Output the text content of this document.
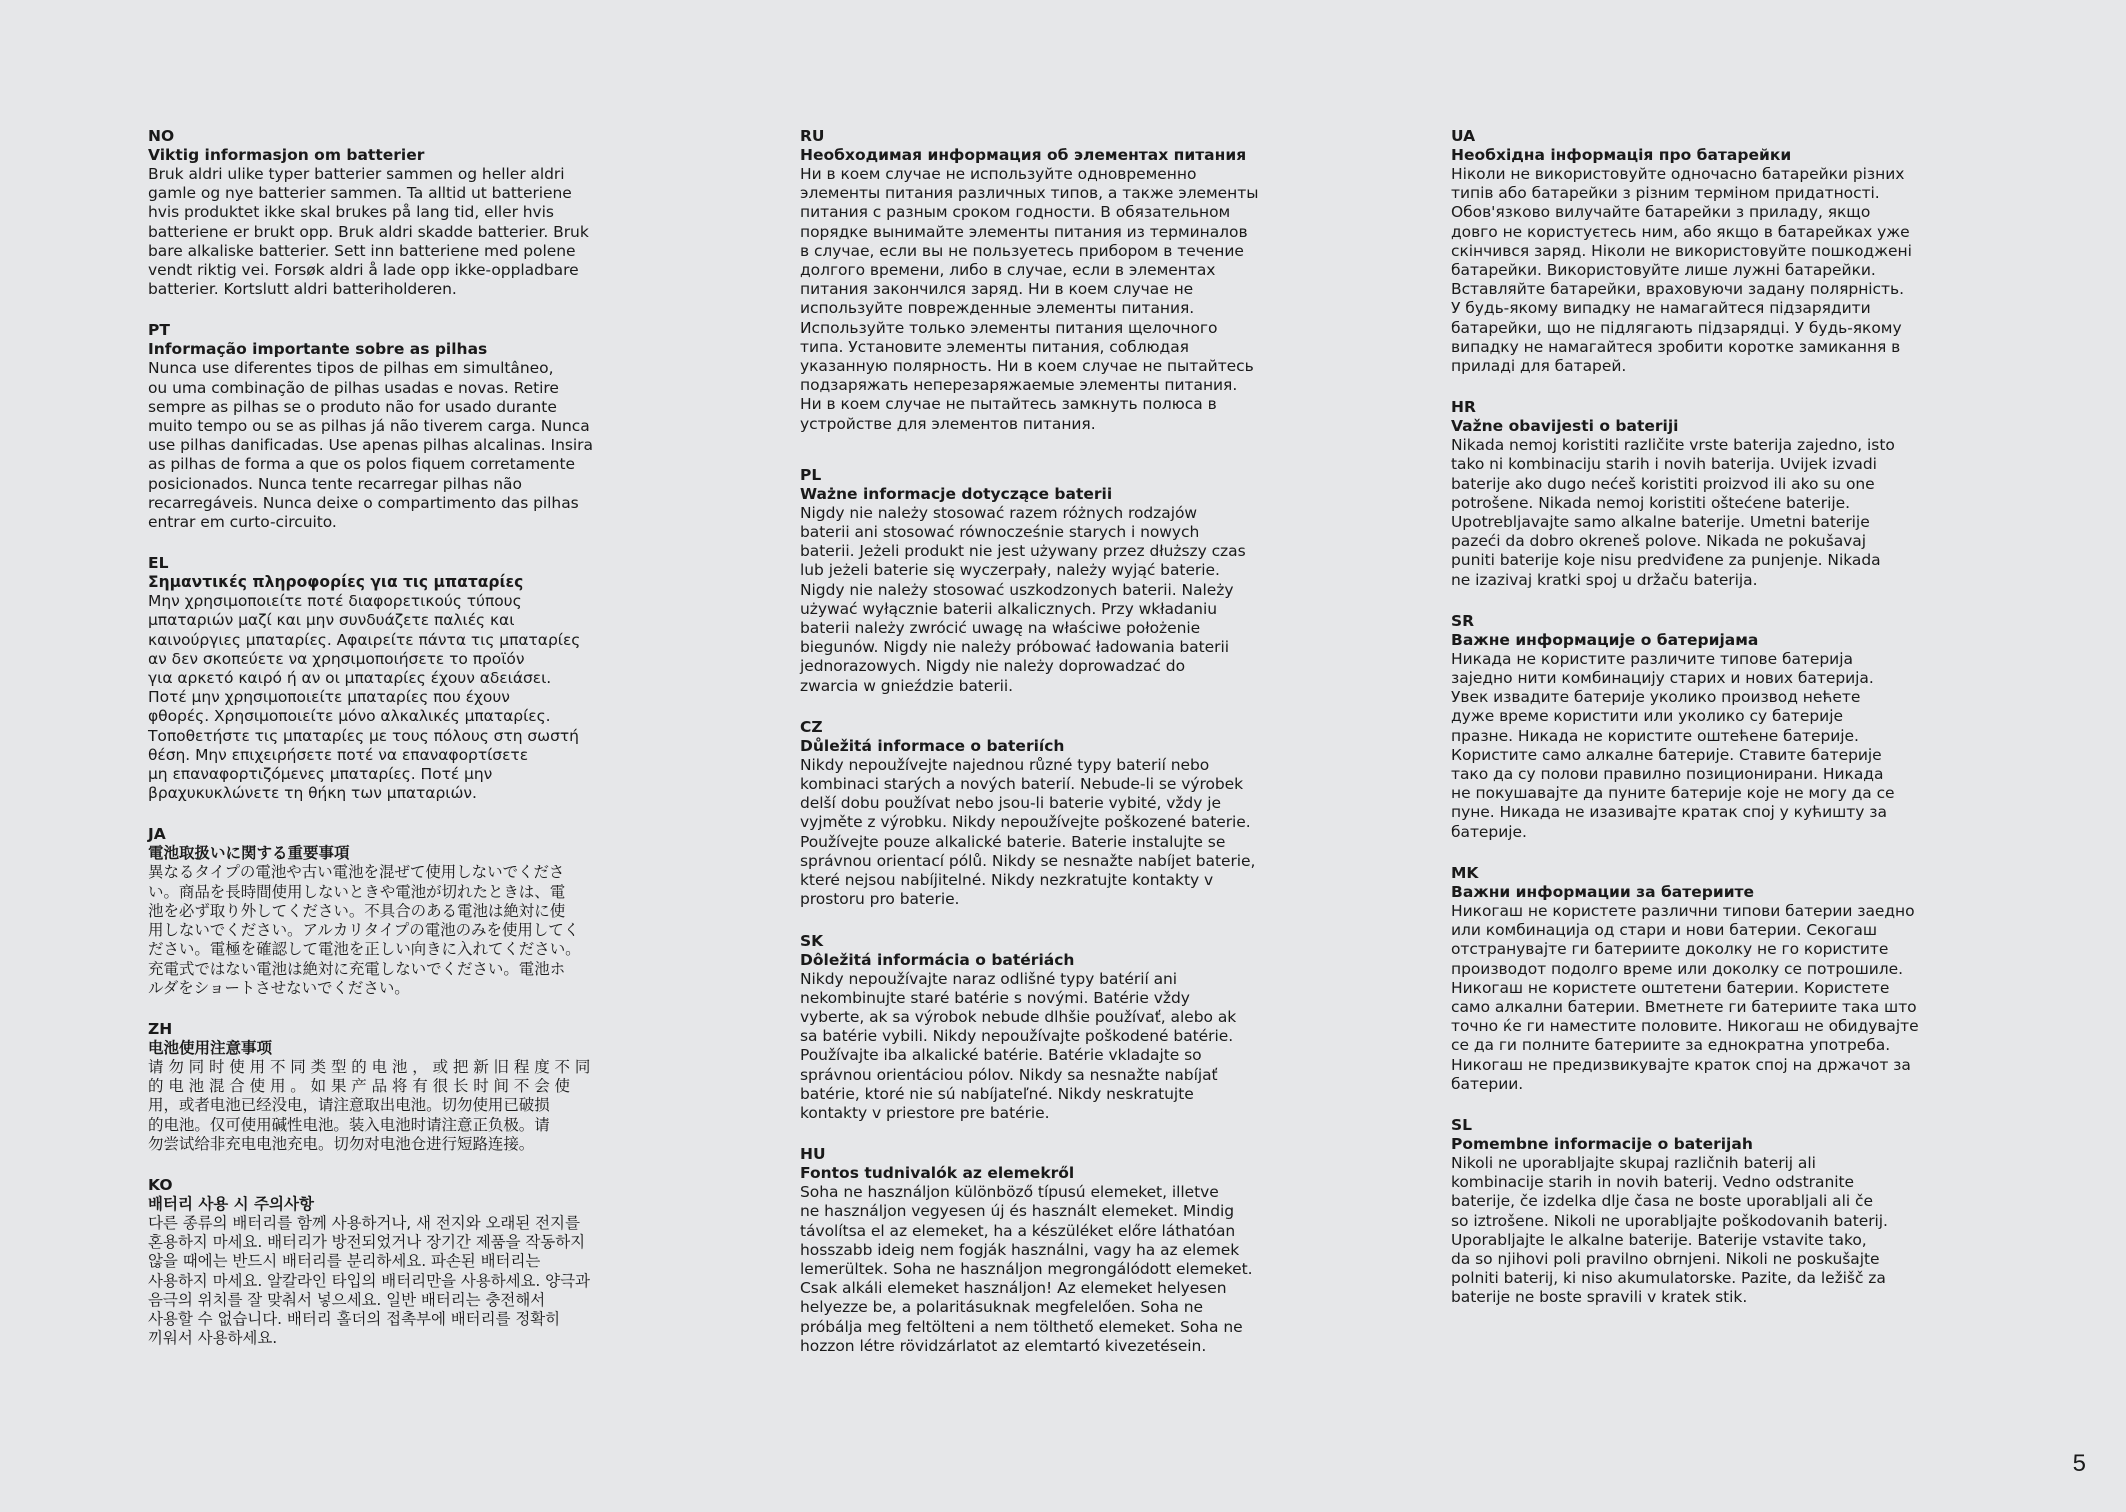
NO

Viktig informasjon om batterier

Bruk aldri ulike typer batterier sammen og heller aldri
gamle og nye batterier sammen. Ta alltid ut batteriene
hvis produktet ikke skal brukes på lang tid, eller hvis
batteriene er brukt opp. Bruk aldri skadde batterier. Bruk
bare alkaliske batterier. Sett inn batteriene med polene
vendt riktig vei. Forsøk aldri å lade opp ikke-oppladbare
batterier. Kortslutt aldri batteriholderen.

PT

Informação importante sobre as pilhas

Nunca use diferentes tipos de pilhas em simultâneo,
ou uma combinação de pilhas usadas e novas. Retire
sempre as pilhas se o produto não for usado durante
muito tempo ou se as pilhas já não tiverem carga. Nunca
use pilhas danificadas. Use apenas pilhas alcalinas. Insira
as pilhas de forma a que os polos fiquem corretamente
posicionados. Nunca tente recarregar pilhas não
recarregáveis. Nunca deixe o compartimento das pilhas
entrar em curto-circuito.

EL

Σημαντικές πληροφορίες για τις μπαταρίες

Μην χρησιμοποιείτε ποτέ διαφορετικούς τύπους
μπαταριών μαζί και μην συνδυάζετε παλιές και
καινούργιες μπαταρίες. Αφαιρείτε πάντα τις μπαταρίες
αν δεν σκοπεύετε να χρησιμοποιήσετε το προϊόν
για αρκετό καιρό ή αν οι μπαταρίες έχουν αδειάσει.
Ποτέ μην χρησιμοποιείτε μπαταρίες που έχουν
φθορές. Χρησιμοποιείτε μόνο αλκαλικές μπαταρίες.
Τοποθετήστε τις μπαταρίες με τους πόλους στη σωστή
θέση. Μην επιχειρήσετε ποτέ να επαναφορτίσετε
μη επαναφορτιζόμενες μπαταρίες. Ποτέ μην
βραχυκυκλώνετε τη θήκη των μπαταριών.

JA

電池取扱いに関する重要事項

異なるタイプの電池や古い電池を混ぜて使用しないでくださ
い。商品を長時間使用しないときや電池が切れたときは、電
池を必ず取り外してください。不具合のある電池は絶対に使
用しないでください。アルカリタイプの電池のみを使用してく
ださい。電極を確認して電池を正しい向きに入れてください。
充電式ではない電池は絶対に充電しないでください。電池ホ
ルダをショートさせないでください。

ZH

电池使用注意事项

请 勿 同 时 使 用 不 同 类 型 的 电 池 ， 或 把 新 旧 程 度 不 同
的 电 池 混 合 使 用 。 如 果 产 品 将 有 很 长 时 间 不 会 使
用，或者电池已经没电，请注意取出电池。切勿使用已破损
的电池。仅可使用碱性电池。装入电池时请注意正负极。请
勿尝试给非充电电池充电。切勿对电池仓进行短路连接。

KO

배터리 사용 시 주의사항

다른 종류의 배터리를 함께 사용하거나, 새 전지와 오래된 전지를
혼용하지 마세요. 배터리가 방전되었거나 장기간 제품을 작동하지
않을 때에는 반드시 배터리를 분리하세요. 파손된 배터리는
사용하지 마세요. 알칼라인 타입의 배터리만을 사용하세요. 양극과
음극의 위치를 잘 맞춰서 넣으세요. 일반 배터리는 충전해서
사용할 수 없습니다. 배터리 홀더의 접촉부에 배터리를 정확히
끼워서 사용하세요.

RU

Необходимая информация об элементах питания

Ни в коем случае не используйте одновременно
элементы питания различных типов, а также элементы
питания с разным сроком годности. В обязательном
порядке вынимайте элементы питания из терминалов
в случае, если вы не пользуетесь прибором в течение
долгого времени, либо в случае, если в элементах
питания закончился заряд. Ни в коем случае не
используйте поврежденные элементы питания.
Используйте только элементы питания щелочного
типа. Установите элементы питания, соблюдая
указанную полярность. Ни в коем случае не пытайтесь
подзаряжать неперезаряжаемые элементы питания.
Ни в коем случае не пытайтесь замкнуть полюса в
устройстве для элементов питания.

PL

Ważne informacje dotyczące baterii

Nigdy nie należy stosować razem różnych rodzajów
baterii ani stosować równocześnie starych i nowych
baterii. Jeżeli produkt nie jest używany przez dłuższy czas
lub jeżeli baterie się wyczerpały, należy wyjąć baterie.
Nigdy nie należy stosować uszkodzonych baterii. Należy
używać wyłącznie baterii alkalicznych. Przy wkładaniu
baterii należy zwrócić uwagę na właściwe położenie
biegunów. Nigdy nie należy próbować ładowania baterii
jednorazowych. Nigdy nie należy doprowadzać do
zwarcia w gnieździe baterii.

CZ

Důležitá informace o bateriích

Nikdy nepoužívejte najednou různé typy baterií nebo
kombinaci starých a nových baterií. Nebude-li se výrobek
delší dobu používat nebo jsou-li baterie vybité, vždy je
vyjměte z výrobku. Nikdy nepoužívejte poškozené baterie.
Používejte pouze alkalické baterie. Baterie instalujte se
správnou orientací pólů. Nikdy se nesnažte nabíjet baterie,
které nejsou nabíjitelné. Nikdy nezkratujte kontakty v
prostoru pro baterie.

SK

Dôležitá informácia o batériách

Nikdy nepoužívajte naraz odlišné typy batérií ani
nekombinujte staré batérie s novými. Batérie vždy
vyberte, ak sa výrobok nebude dlhšie používať, alebo ak
sa batérie vybili. Nikdy nepoužívajte poškodené batérie.
Používajte iba alkalické batérie. Batérie vkladajte so
správnou orientáciou pólov. Nikdy sa nesnažte nabíjať
batérie, ktoré nie sú nabíjateľné. Nikdy neskratujte
kontakty v priestore pre batérie.

HU

Fontos tudnivalók az elemekről

Soha ne használjon különböző típusú elemeket, illetve
ne használjon vegyesen új és használt elemeket. Mindig
távolítsa el az elemeket, ha a készüléket előre láthatóan
hosszabb ideig nem fogják használni, vagy ha az elemek
lemerültek. Soha ne használjon megrongálódott elemeket.
Csak alkáli elemeket használjon! Az elemeket helyesen
helyezze be, a polaritásuknak megfelelően. Soha ne
próbálja meg feltölteni a nem tölthető elemeket. Soha ne
hozzon létre rövidzárlatot az elemtartó kivezetésein.

UA

Необхідна інформація про батарейки

Ніколи не використовуйте одночасно батарейки різних
типів або батарейки з різним терміном придатності.
Обов'язково вилучайте батарейки з приладу, якщо
довго не користуєтесь ним, або якщо в батарейках уже
скінчився заряд. Ніколи не використовуйте пошкоджені
батарейки. Використовуйте лише лужні батарейки.
Вставляйте батарейки, враховуючи задану полярність.
У будь-якому випадку не намагайтеся підзарядити
батарейки, що не підлягають підзарядці. У будь-якому
випадку не намагайтеся зробити коротке замикання в
приладі для батарей.

HR

Važne obavijesti o bateriji

Nikada nemoj koristiti različite vrste baterija zajedno, isto
tako ni kombinaciju starih i novih baterija. Uvijek izvadi
baterije ako dugo nećeš koristiti proizvod ili ako su one
potrošene. Nikada nemoj koristiti oštećene baterije.
Upotrebljavajte samo alkalne baterije. Umetni baterije
pazeći da dobro okreneš polove. Nikada ne pokušavaj
puniti baterije koje nisu predviđene za punjenje. Nikada
ne izazivaj kratki spoj u držaču baterija.

SR

Важне информације о батеријама

Никада не користите различите типове батерија
заједно нити комбинацију старих и нових батерија.
Увек извадите батерије уколико производ нећете
дуже време користити или уколико су батерије
празне. Никада не користите оштећене батерије.
Користите само алкалне батерије. Ставите батерије
тако да су полови правилно позиционирани. Никада
не покушавајте да пуните батерије које не могу да се
пуне. Никада не изазивајте кратак спој у кућишту за
батерије.

MK

Важни информации за батериите

Никогаш не користете различни типови батерии заедно
или комбинација од стари и нови батерии. Секогаш
отстранувајте ги батериите доколку не го користите
производот подолго време или доколку се потрошиле.
Никогаш не користете оштетени батерии. Користете
само алкални батерии. Вметнете ги батериите така што
точно ќе ги наместите половите. Никогаш не обидувајте
се да ги полните батериите за еднократна употреба.
Никогаш не предизвикувајте краток спој на држачот за
батерии.

SL

Pomembne informacije o baterijah

Nikoli ne uporabljajte skupaj različnih baterij ali
kombinacije starih in novih baterij. Vedno odstranite
baterije, če izdelka dlje časa ne boste uporabljali ali če
so iztrošene. Nikoli ne uporabljajte poškodovanih baterij.
Uporabljajte le alkalne baterije. Baterije vstavite tako,
da so njihovi poli pravilno obrnjeni. Nikoli ne poskušajte
polniti baterij, ki niso akumulatorske. Pazite, da ležišč za
baterije ne boste spravili v kratek stik.

5
